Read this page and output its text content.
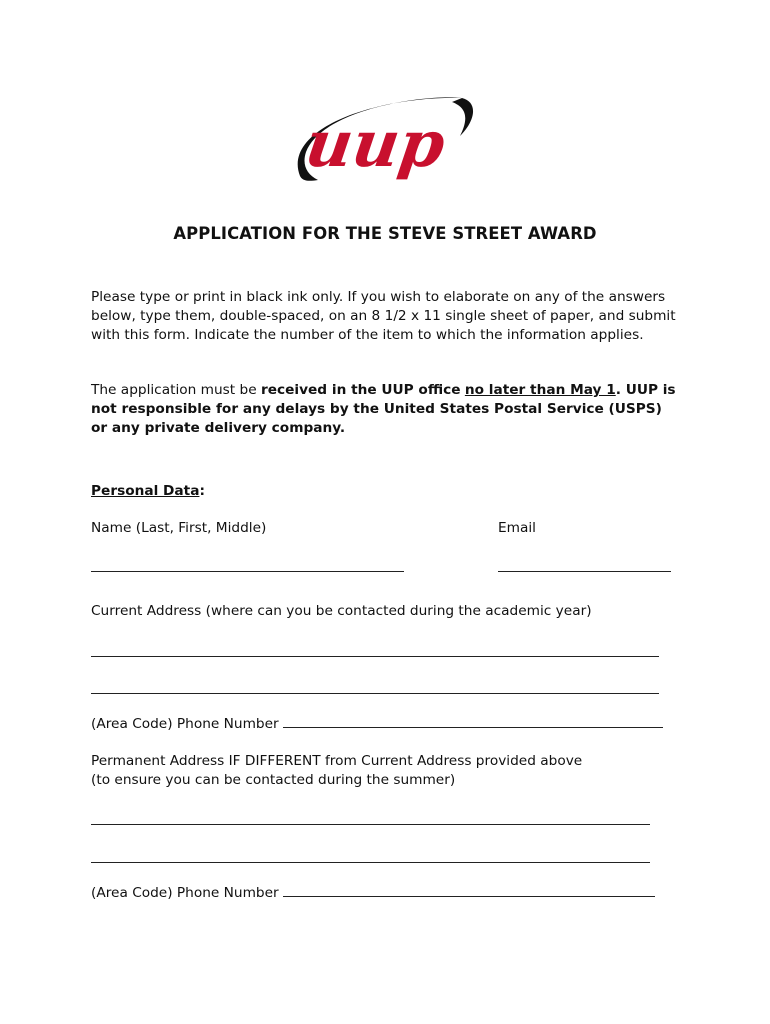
uup
APPLICATION FOR THE STEVE STREET AWARD
Please type or print in black ink only. If you wish to elaborate on any of the answers below, type them, double-spaced, on an 8 1/2 x 11 single sheet of paper, and submit with this form. Indicate the number of the item to which the information applies.
The application must be received in the UUP office no later than May 1. UUP is not responsible for any delays by the United States Postal Service (USPS) or any private delivery company.
Personal Data:
Name (Last, First, Middle)	Email
Current Address (where can you be contacted during the academic year)
(Area Code) Phone Number
Permanent Address IF DIFFERENT from Current Address provided above
(to ensure you can be contacted during the summer)
(Area Code) Phone Number
